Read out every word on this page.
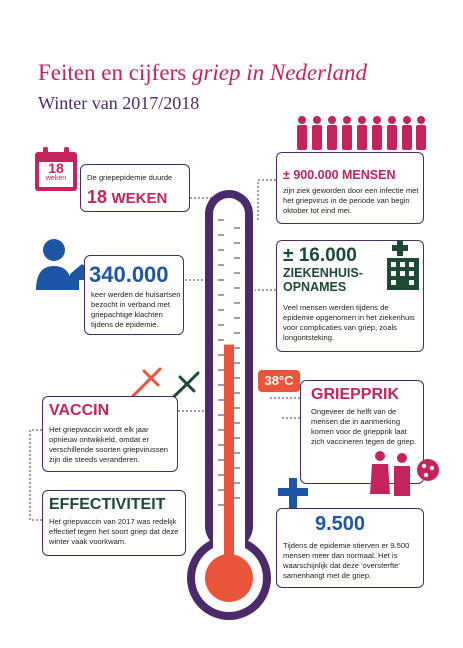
Feiten en cijfers griep in Nederland
Winter van 2017/2018
38°C
18
weken	De griepepidemie duurde
18 WEKEN
± 900.000 MENSEN
zijn ziek geworden door een infectie met het griepvirus in de periode van begin oktober tot eind mei.
340.000
keer werden de huisartsen bezocht in verband met griepachtige klachten tijdens de epidemie.
± 16.000
ZIEKENHUIS-
OPNAMES
Veel mensen werden tijdens de epidemie opgenomen in het ziekenhuis voor complicaties van griep, zoals longontsteking.
VACCIN
Het griepvaccin wordt elk jaar opnieuw ontwikkeld, omdat er verschillende soorten griepvirussen zijn die steeds veranderen.
GRIEPPRIK
Ongeveer de helft van de mensen die in aanmerking komen voor de griepprik laat zich vaccineren tegen de griep.
EFFECTIVITEIT
Het griepvaccin van 2017 was redelijk effectief tegen het soort griep dat deze winter vaak voorkwam.
9.500
Tijdens de epidemie stierven er 9.500 mensen meer dan normaal. Het is waarschijnlijk dat deze 'oversterfte' samenhangt met de griep.
